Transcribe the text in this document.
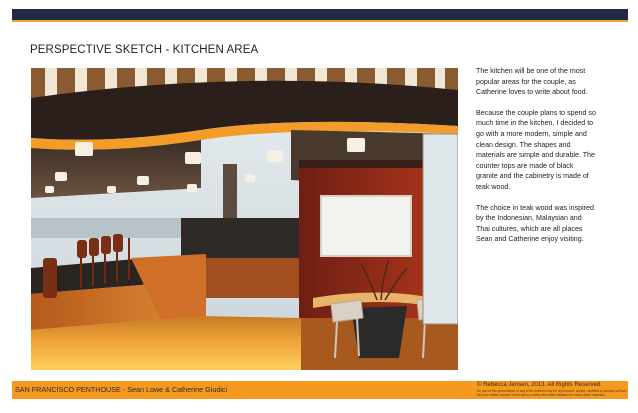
PERSPECTIVE SKETCH - KITCHEN AREA

The kitchen will be one of the most popular areas for the couple, as Catherine loves to write about food.

Because the couple plans to spend so much time in the kitchen, I decided to go with a more modern, simple and clean design. The shapes and materials are simple and durable. The counter tops are made of black granite and the cabinetry is made of teak wood.

The choice in teak wood was inspired by the Indonesian, Malaysian and Thai cultures, which are all places Sean and Catherine enjoy visiting.

SAN FRANCISCO PENTHOUSE - Sean Lowe & Catherine Giudici	© Rebecca Jensen, 2013. All Rights Reserved.
No part of this presentation or any of its contents may be reproduced, copied, modified or adapted without the prior written consent of the author, unless otherwise indicated for stand-alone materials.
